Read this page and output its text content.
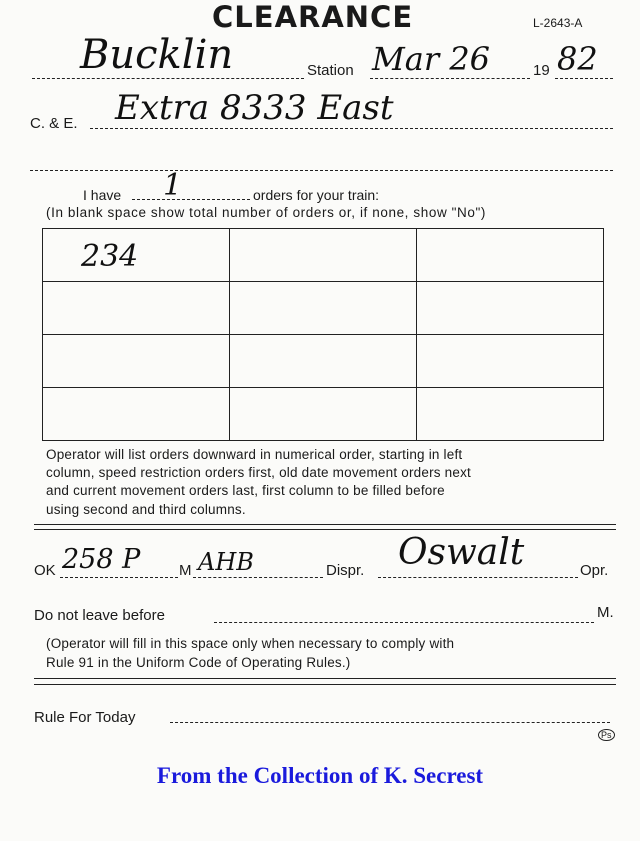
CLEARANCE	L-2643-A
Bucklin	Station Mar 26	19 82
C. & E. Extra 8333 East
I have 1	orders for your train:
(In blank space show total number of orders or, if none, show "No")
234		

Operator will list orders downward in numerical order, starting in left
column, speed restriction orders first, old date movement orders next
and current movement orders last, first column to be filled before
using second and third columns.
OK 258 P	M AHB	Dispr. Oswalt	Opr.
Do not leave before	M.
(Operator will fill in this space only when necessary to comply with
Rule 91 in the Uniform Code of Operating Rules.)
Rule For Today
Ps
From the Collection of K. Secrest
